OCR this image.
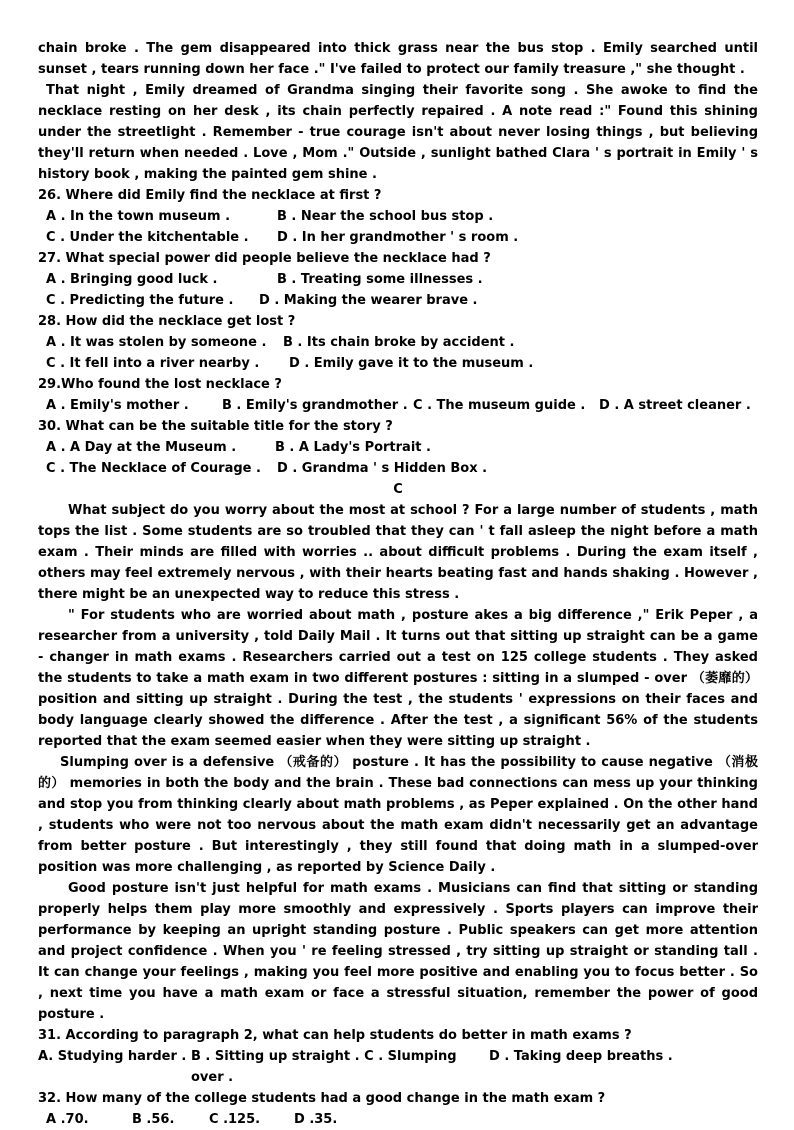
chain broke . The gem disappeared into thick grass near the bus stop . Emily searched until sunset , tears running down her face ." I've failed to protect our family treasure ," she thought .

That night , Emily dreamed of Grandma singing their favorite song . She awoke to find the necklace resting on her desk , its chain perfectly repaired . A note read :" Found this shining under the streetlight . Remember - true courage isn't about never losing things , but believing they'll return when needed . Love , Mom ." Outside , sunlight bathed Clara ' s portrait in Emily ' s history book , making the painted gem shine .

26. Where did Emily find the necklace at first ?

A . In the town museum .	B . Near the school bus stop .
C . Under the kitchentable .	D . In her grandmother ' s room .

27. What special power did people believe the necklace had ?

A . Bringing good luck .	B . Treating some illnesses .
C . Predicting the future .	D . Making the wearer brave .

28. How did the necklace get lost ?

A . It was stolen by someone .	B . Its chain broke by accident .
C . It fell into a river nearby .	D . Emily gave it to the museum .

29.Who found the lost necklace ?

A . Emily's mother .	B . Emily's grandmother . C . The museum guide .	D . A street cleaner .

30. What can be the suitable title for the story ?

A . A Day at the Museum .	B . A Lady's Portrait .
C . The Necklace of Courage .	D . Grandma ' s Hidden Box .

C

What subject do you worry about the most at school ? For a large number of students , math tops the list . Some students are so troubled that they can ' t fall asleep the night before a math exam . Their minds are filled with worries .. about difficult problems . During the exam itself , others may feel extremely nervous , with their hearts beating fast and hands shaking . However , there might be an unexpected way to reduce this stress .

" For students who are worried about math , posture akes a big difference ," Erik Peper , a researcher from a university , told Daily Mail . It turns out that sitting up straight can be a game - changer in math exams . Researchers carried out a test on 125 college students . They asked the students to take a math exam in two different postures : sitting in a slumped - over （萎靡的） position and sitting up straight . During the test , the students ' expressions on their faces and body language clearly showed the difference . After the test , a significant 56% of the students reported that the exam seemed easier when they were sitting up straight .

Slumping over is a defensive （戒备的） posture . It has the possibility to cause negative （消极的） memories in both the body and the brain . These bad connections can mess up your thinking and stop you from thinking clearly about math problems , as Peper explained . On the other hand , students who were not too nervous about the math exam didn't necessarily get an advantage from better posture . But interestingly , they still found that doing math in a slumped-over position was more challenging , as reported by Science Daily .

Good posture isn't just helpful for math exams . Musicians can find that sitting or standing properly helps them play more smoothly and expressively . Sports players can improve their performance by keeping an upright standing posture . Public speakers can get more attention and project confidence . When you ' re feeling stressed , try sitting up straight or standing tall . It can change your feelings , making you feel more positive and enabling you to focus better . So , next time you have a math exam or face a stressful situation, remember the power of good posture .

31. According to paragraph 2, what can help students do better in math exams ?

A. Studying harder . B . Sitting up straight . C . Slumping over .
D . Taking deep breaths .

32. How many of the college students had a good change in the math exam ?

A .70.	B .56.	C .125.	D .35.
